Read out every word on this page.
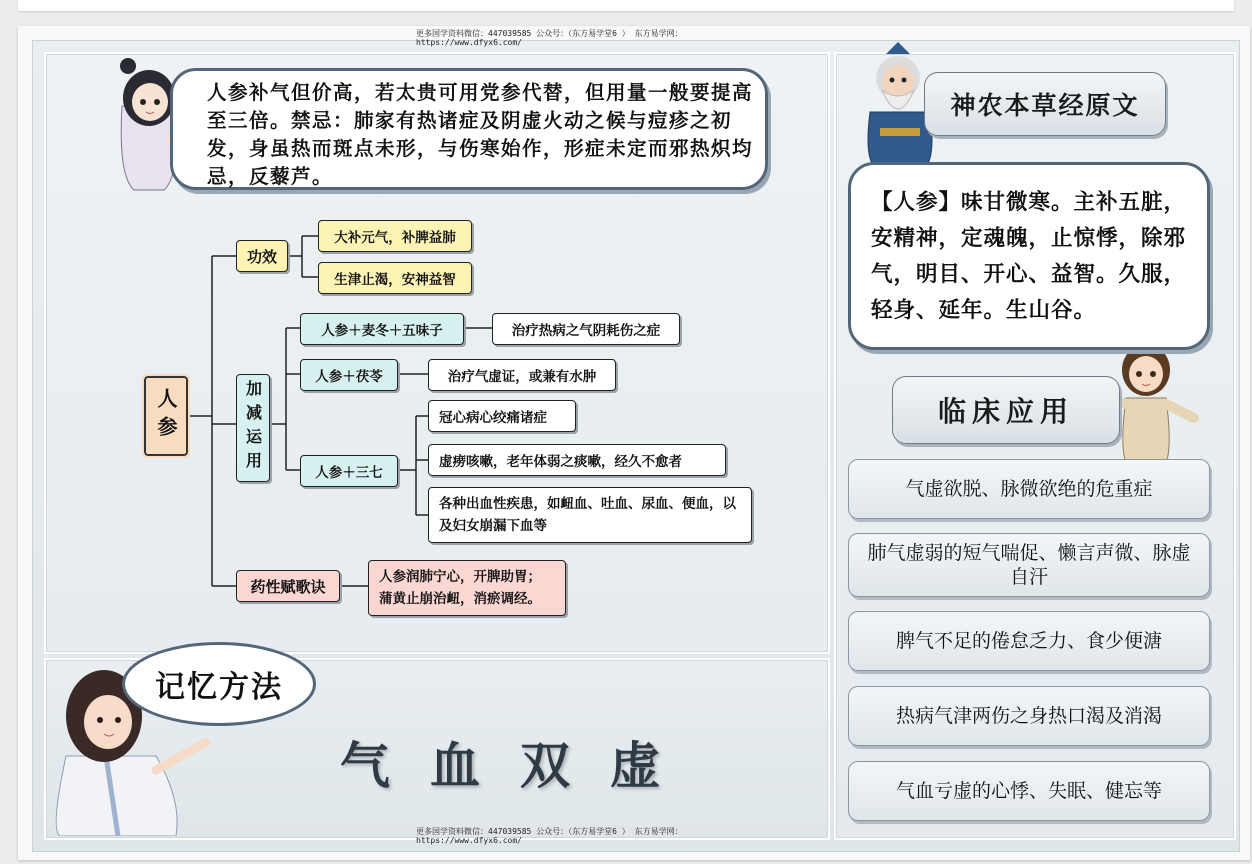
更多国学资料微信：447039585 公众号：（东方易学堂6 ） 东方易学网：
https://www.dfyx6.com/

人参补气但价高，若太贵可用党参代替，但用量一般要提高至三倍。禁忌：肺家有热诸症及阴虚火动之候与痘疹之初发，身虽热而斑点未形，与伤寒始作，形症未定而邪热炽均忌，反藜芦。

人参
功效
大补元气，补脾益肺
生津止渴，安神益智
加减运用
人参＋麦冬＋五味子	治疗热病之气阴耗伤之症
人参＋茯苓	治疗气虚证，或兼有水肿
人参＋三七
冠心病心绞痛诸症
虚痨咳嗽，老年体弱之痰嗽，经久不愈者
各种出血性疾患，如衄血、吐血、尿血、便血，以及妇女崩漏下血等
药性赋歌诀
人参润肺宁心，开脾助胃；
蒲黄止崩治衄，消瘀调经。
记忆方法
气血双虚
神农本草经原文

【人参】味甘微寒。主补五脏，安精神，定魂魄，止惊悸，除邪气，明目、开心、益智。久服，轻身、延年。生山谷。

临床应用
气虚欲脱、脉微欲绝的危重症
肺气虚弱的短气喘促、懒言声微、脉虚自汗
脾气不足的倦怠乏力、食少便溏
热病气津两伤之身热口渴及消渴
气血亏虚的心悸、失眠、健忘等
更多国学资料微信：447039585 公众号：（东方易学堂6 ） 东方易学网：
https://www.dfyx6.com/
